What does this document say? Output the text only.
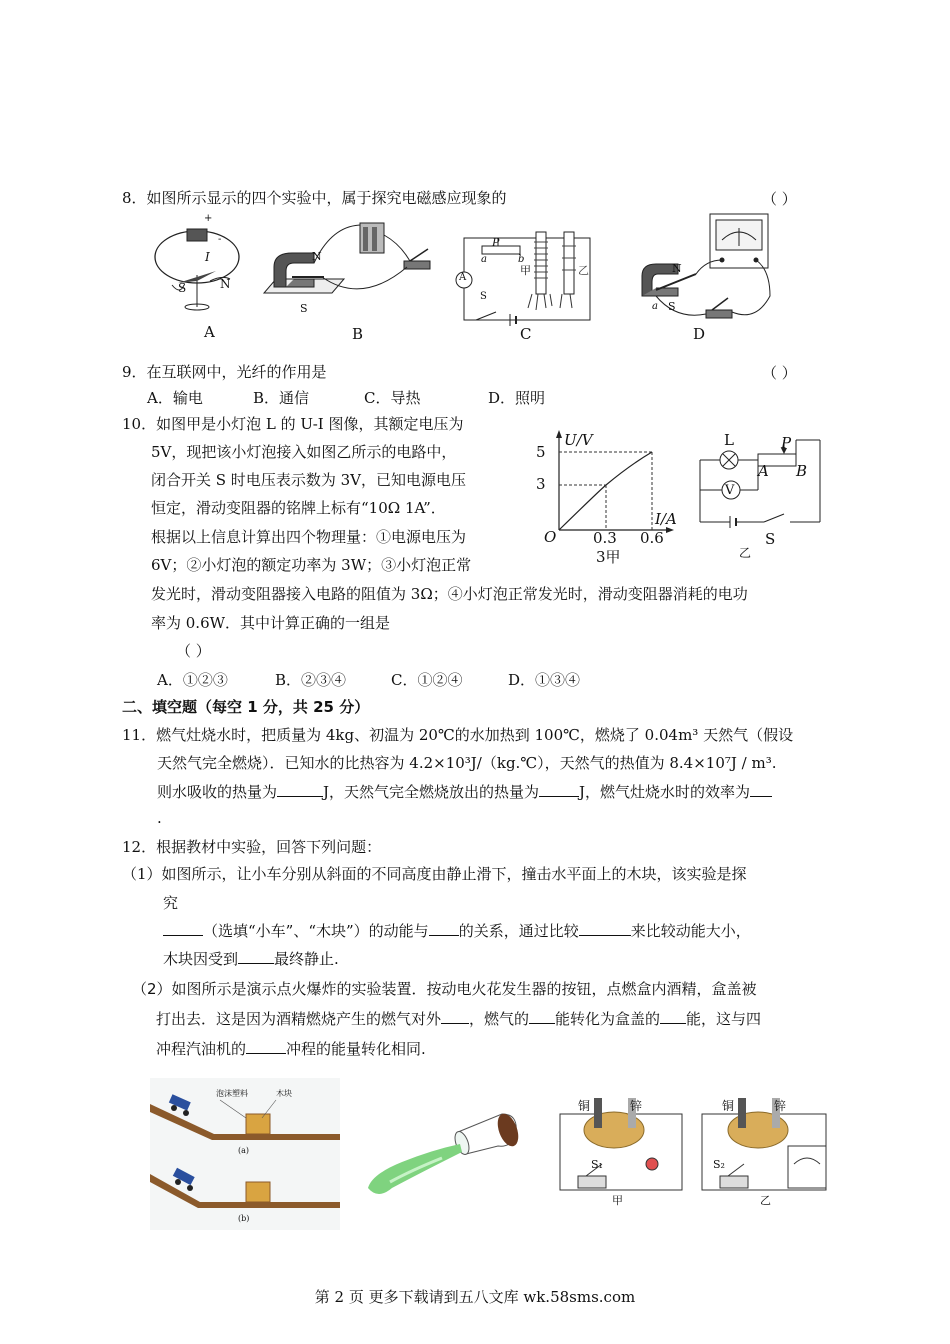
8．如图所示显示的四个实验中，属于探究电磁感应现象的	（ ）
+
-
I
S	N
A
N
S
B
A
P
a	b
S
甲	乙
C
N
S
a
D
9．在互联网中，光纤的作用是	（ ）
A．输电	B．通信	C．导热	D．照明
10．如图甲是小灯泡 L 的 U-I 图像，其额定电压为
5V，现把该小灯泡接入如图乙所示的电路中，
闭合开关 S 时电压表示数为 3V，已知电源电压
恒定，滑动变阻器的铭牌上标有“10Ω 1A”．
根据以上信息计算出四个物理量：①电源电压为
6V；②小灯泡的额定功率为 3W；③小灯泡正常
发光时，滑动变阻器接入电路的阻值为 3Ω；④小灯泡正常发光时，滑动变阻器消耗的电功
率为 0.6W．其中计算正确的一组是
（ ）
A．①②③	B．②③④	C．①②④	D．①③④
U/V
5
3
O 0.3 0.6
I/A
3甲
L	P
A B
V
S
乙
二、填空题（每空 1 分，共 25 分）
11．燃气灶烧水时，把质量为 4kg、初温为 20℃的水加热到 100℃，燃烧了 0.04m³ 天然气（假设
天然气完全燃烧）．已知水的比热容为 4.2×10³J/（kg.℃），天然气的热值为 8.4×10⁷J / m³.
则水吸收的热量为	J，天然气完全燃烧放出的热量为	J，燃气灶烧水时的效率为
.
12．根据教材中实验，回答下列问题：
（1）如图所示，让小车分别从斜面的不同高度由静止滑下，撞击水平面上的木块，该实验是探
究
（选填“小车”、“木块”）的动能与 的关系，通过比较	来比较动能大小，
木块因受到 最终静止.
（2）如图所示是演示点火爆炸的实验装置．按动电火花发生器的按钮，点燃盒内酒精，盒盖被
打出去．这是因为酒精燃烧产生的燃气对外 ，燃气的 能转化为盒盖的 能，这与四
冲程汽油机的	冲程的能量转化相同.
泡沫塑料	木块
(a)
(b)
铜	锌
S₁
甲
铜	锌
S₂
乙
第 2 页 更多下载请到五八文库 wk.58sms.com
